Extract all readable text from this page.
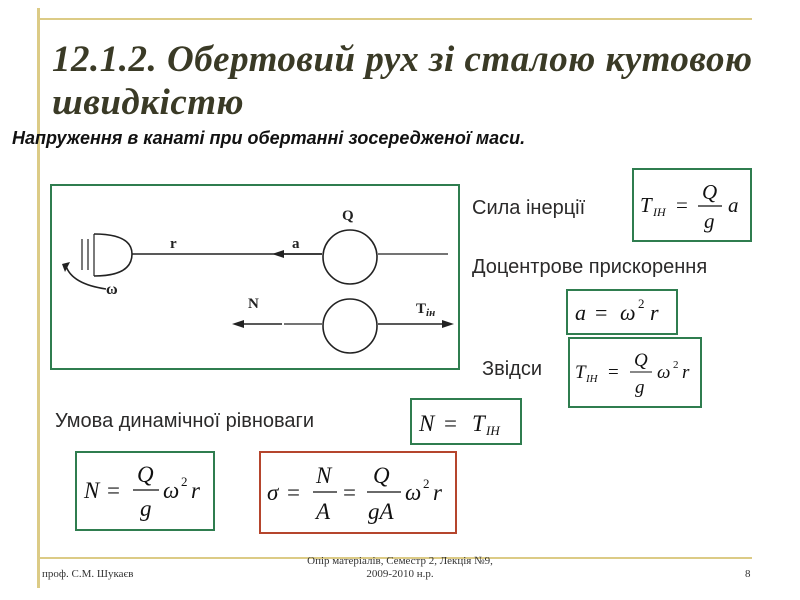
12.1.2. Обертовий рух зі сталою кутовою швидкістю

Напруження в канаті при обертанні зосередженої маси.

Q
r	a
ω
N	$T_{ін}$
Сила інерції	T ІН =
Q
g
a
Доцентрове прискорення
a = ω 2 r
Звідси T ІН =
Q
g
ω 2 r
Умова динамічної рівноваги	N = T ІН
N =
Q
g
ω 2 r	σ =
N
A
=
Q
gA
ω 2 r
проф. С.М. Шукаєв
Опір матеріалів, Семестр 2, Лекція №9,
2009-2010 н.р.	8
